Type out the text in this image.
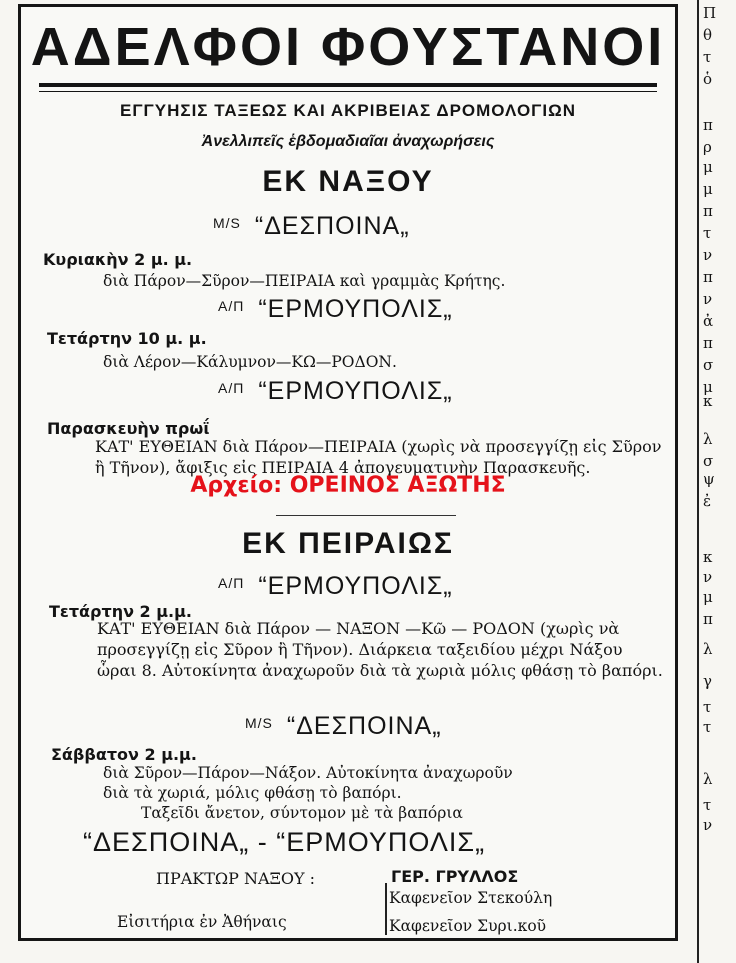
ΑΔΕΛΦΟΙ ΦΟΥΣΤΑΝΟΙ
ΕΓΓΥΗΣΙΣ ΤΑΞΕΩΣ ΚΑΙ ΑΚΡΙΒΕΙΑΣ ΔΡΟΜΟΛΟΓΙΩΝ
Ἀνελλιπεῖς ἑβδομαδιαῖαι ἀναχωρήσεις
ΕΚ ΝΑΞΟΥ
$^{M/S}$ “ΔΕΣΠΟΙΝΑ„
Κυριακὴν 2 μ. μ.
διὰ Πάρον—Σῦρον—ΠΕΙΡΑΙΑ καὶ γραμμὰς Κρήτης.
$^{A/\Pi}$ “ΕΡΜΟΥΠΟΛΙΣ„
Τετάρτην 10 μ. μ.
διὰ Λέρον—Κάλυμνον—ΚΩ—ΡΟΔΟΝ.
$^{A/\Pi}$ “ΕΡΜΟΥΠΟΛΙΣ„
Παρασκευὴν πρωΐ
ΚΑΤ' ΕΥΘΕΙΑΝ διὰ Πάρον—ΠΕΙΡΑΙΑ (χωρὶς νὰ προσεγγίζῃ εἰς Σῦρον ἢ Τῆνον), ἄφιξις εἰς ΠΕΙΡΑΙΑ 4 ἀπογευματινὴν Παρασκευῆς.
Αρχείο: ΟΡΕΙΝΟΣ ΑΞΩΤΗΣ
ΕΚ ΠΕΙΡΑΙΩΣ
$^{A/\Pi}$ “ΕΡΜΟΥΠΟΛΙΣ„
Τετάρτην 2 μ.μ.
ΚΑΤ' ΕΥΘΕΙΑΝ διὰ Πάρον — ΝΑΞΟΝ —Κῶ — ΡΟΔΟΝ (χωρὶς νὰ προσεγγίζῃ εἰς Σῦρον ἢ Τῆνον). Διάρκεια ταξειδίου μέχρι Νάξου ὧραι 8. Αὐτοκίνητα ἀναχωροῦν διὰ τὰ χωριὰ μόλις φθάσῃ τὸ βαπόρι.
$^{M/S}$ “ΔΕΣΠΟΙΝΑ„
Σάββατον 2 μ.μ.
διὰ Σῦρον—Πάρον—Νάξον. Αὐτοκίνητα ἀναχωροῦν
διὰ τὰ χωριά, μόλις φθάσῃ τὸ βαπόρι.
Ταξεῖδι ἄνετον, σύντομον μὲ τὰ βαπόρια
“ΔΕΣΠΟΙΝΑ„ - “ΕΡΜΟΥΠΟΛΙΣ„
ΠΡΑΚΤΩΡ ΝΑΞΟΥ :	ΓΕΡ. ΓΡΥΛΛΟΣ
Εἰσιτήρια ἐν Ἀθήναις
Καφενεῖον Στεκούλη
Καφενεῖον Συρι.κοῦ
Π
θ
τ
ὁ
π
ρ
μ
μ
π
τ
ν
π
ν
ἀ
π
σ
μ
κ
λ
σ
ψ
ἐ
κ
ν
μ
π
λ
γ
τ
τ
λ
τ
ν
